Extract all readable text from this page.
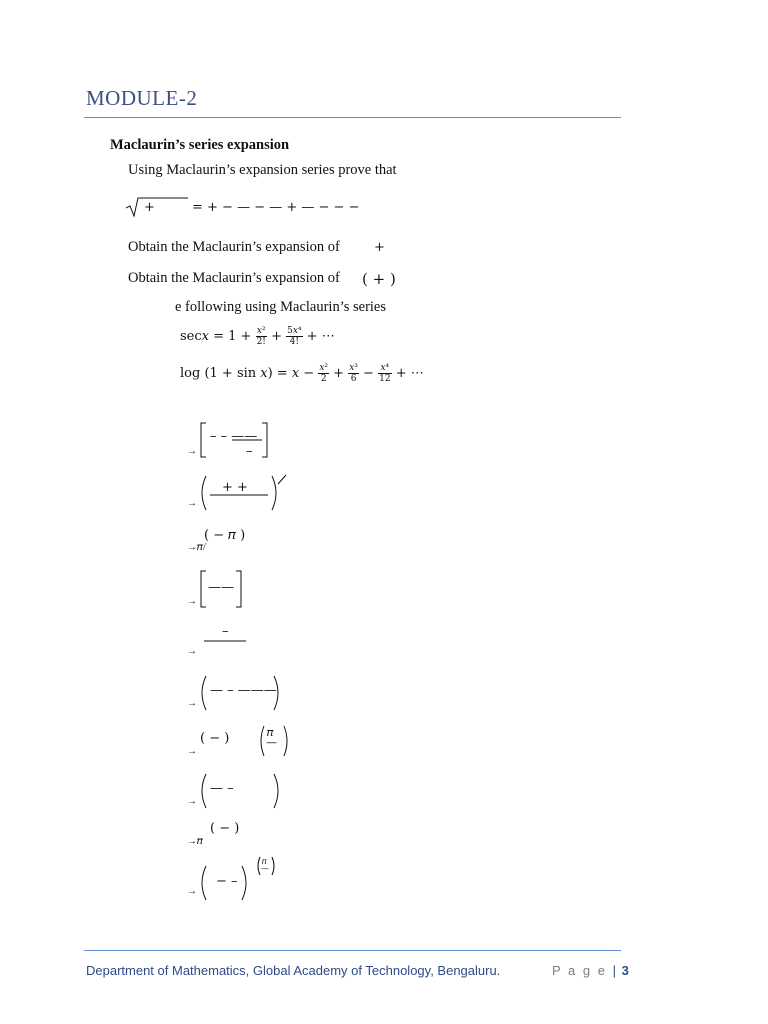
MODULE-2
Maclaurin’s series expansion
Using Maclaurin’s expansion series prove that
+	= + − — − — + — − − −
Obtain the Maclaurin’s expansion of	+
Obtain the Maclaurin’s expansion of ( + )
e following using Maclaurin’s series
sec𝑥 = $1 + \frac{\text{𝑥²}}{2!} + \frac{\text{5𝑥⁴}}{4!}$ + ⋯
log (1 + sin 𝑥) = 𝑥 − $\frac{\text{𝑥²}}{2} + \frac{\text{𝑥³}}{6} - \frac{\text{𝑥⁴}}{12}$ + ⋯
→
– – ——
–
→
+ +
→𝜋/
( − 𝜋 )
→
——
→
–
→
— – ———
→
( − )	𝜋
—
→
— –
→𝜋
( − )
→
− –
𝜋
—
Department of Mathematics, Global Academy of Technology, Bengaluru.	P a g e | 3
